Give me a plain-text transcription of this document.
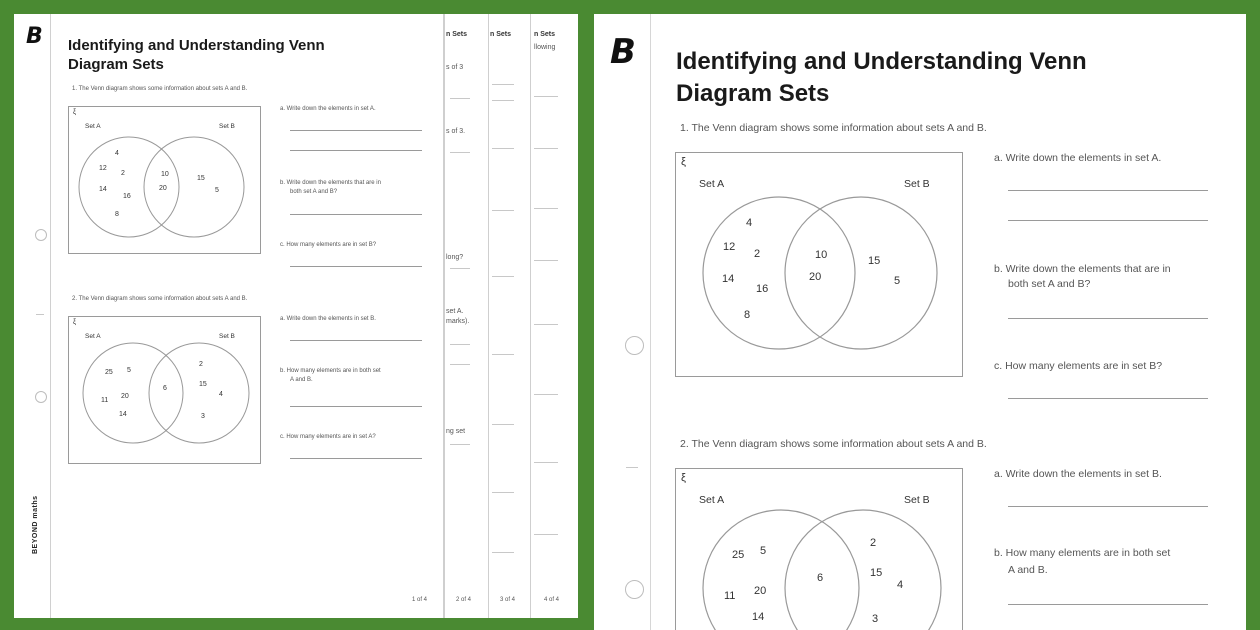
n Sets	n Sets	n Sets
s of 3
s of 3.
llowing
long?
set A.
marks).
ng set
2 of 4	3 of 4	4 of 4
BEYOND maths
B Identifying and Understanding Venn
Diagram Sets
1. The Venn diagram shows some information about sets A and B.
ξ
Set A	Set B
4
12
2
14
16
8
10
20
15
5
a. Write down the elements in set A.
b. Write down the elements that are in
both set A and B?
c. How many elements are in set B?
2. The Venn diagram shows some information about sets A and B.
ξ
Set A	Set B
25 5
11
20
14
6
2
15
4
3
a. Write down the elements in set B.
b. How many elements are in both set
A and B.
c. How many elements are in set A?
1 of 4
B Identifying and Understanding Venn
Diagram Sets
1. The Venn diagram shows some information about sets A and B.
ξ
Set A	Set B
4
12
2
14
16
8
10
20
15
5
a. Write down the elements in set A.
b. Write down the elements that are in
both set A and B?
c. How many elements are in set B?
2. The Venn diagram shows some information about sets A and B.
ξ
Set A	Set B
25 5
11 20
14
6
2
15
4
3
a. Write down the elements in set B.
b. How many elements are in both set
A and B.
